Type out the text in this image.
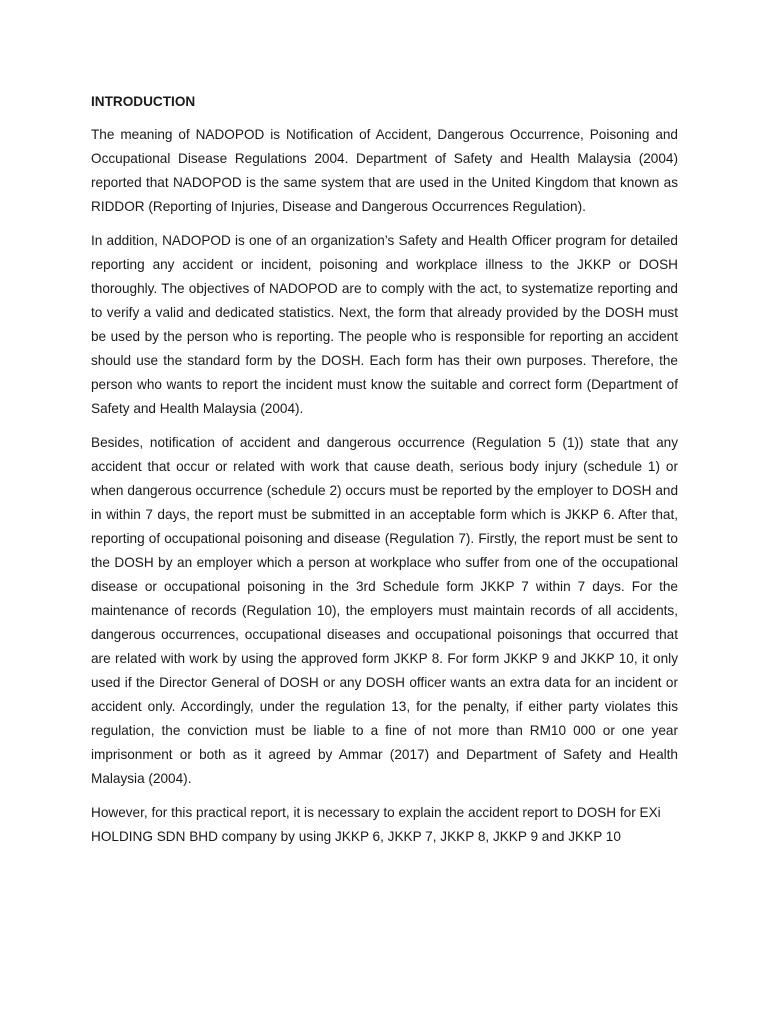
INTRODUCTION

The meaning of NADOPOD is Notification of Accident, Dangerous Occurrence, Poisoning and Occupational Disease Regulations 2004. Department of Safety and Health Malaysia (2004) reported that NADOPOD is the same system that are used in the United Kingdom that known as RIDDOR (Reporting of Injuries, Disease and Dangerous Occurrences Regulation).

In addition, NADOPOD is one of an organization’s Safety and Health Officer program for detailed reporting any accident or incident, poisoning and workplace illness to the JKKP or DOSH thoroughly. The objectives of NADOPOD are to comply with the act, to systematize reporting and to verify a valid and dedicated statistics. Next, the form that already provided by the DOSH must be used by the person who is reporting. The people who is responsible for reporting an accident should use the standard form by the DOSH. Each form has their own purposes. Therefore, the person who wants to report the incident must know the suitable and correct form (Department of Safety and Health Malaysia (2004).

Besides, notification of accident and dangerous occurrence (Regulation 5 (1)) state that any accident that occur or related with work that cause death, serious body injury (schedule 1) or when dangerous occurrence (schedule 2) occurs must be reported by the employer to DOSH and in within 7 days, the report must be submitted in an acceptable form which is JKKP 6. After that, reporting of occupational poisoning and disease (Regulation 7). Firstly, the report must be sent to the DOSH by an employer which a person at workplace who suffer from one of the occupational disease or occupational poisoning in the 3rd Schedule form JKKP 7 within 7 days. For the maintenance of records (Regulation 10), the employers must maintain records of all accidents, dangerous occurrences, occupational diseases and occupational poisonings that occurred that are related with work by using the approved form JKKP 8. For form JKKP 9 and JKKP 10, it only used if the Director General of DOSH or any DOSH officer wants an extra data for an incident or accident only. Accordingly, under the regulation 13, for the penalty, if either party violates this regulation, the conviction must be liable to a fine of not more than RM10 000 or one year imprisonment or both as it agreed by Ammar (2017) and Department of Safety and Health Malaysia (2004).

However, for this practical report, it is necessary to explain the accident report to DOSH for EXi HOLDING SDN BHD company by using JKKP 6, JKKP 7, JKKP 8, JKKP 9 and JKKP 10
